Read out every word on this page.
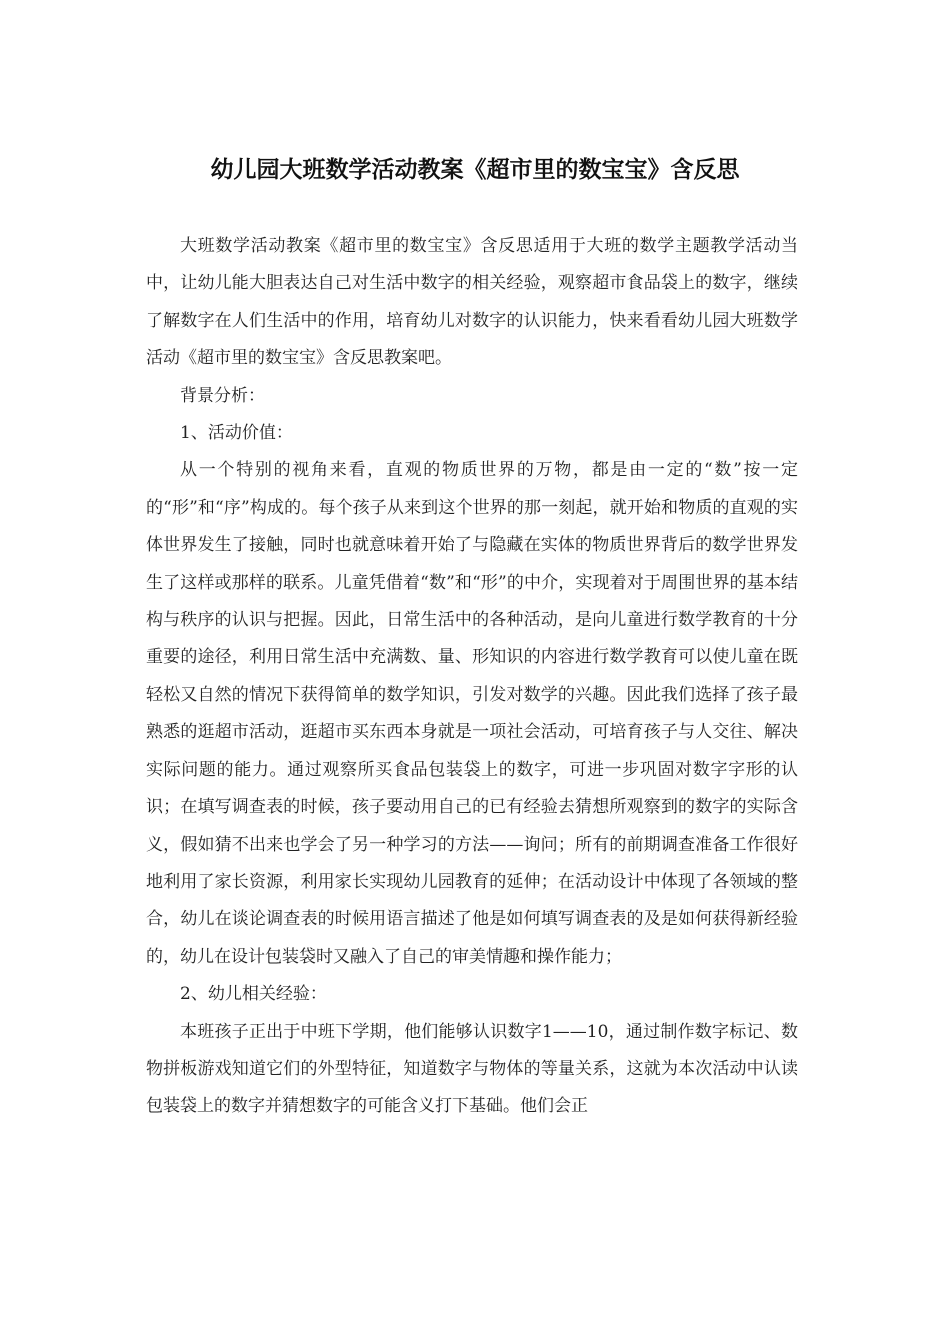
幼儿园大班数学活动教案《超市里的数宝宝》含反思

大班数学活动教案《超市里的数宝宝》含反思适用于大班的数学主题教学活动当中，让幼儿能大胆表达自己对生活中数字的相关经验，观察超市食品袋上的数字，继续了解数字在人们生活中的作用，培育幼儿对数字的认识能力，快来看看幼儿园大班数学活动《超市里的数宝宝》含反思教案吧。

背景分析：

1、活动价值：

从一个特别的视角来看，直观的物质世界的万物，都是由一定的“数”按一定的“形”和“序”构成的。每个孩子从来到这个世界的那一刻起，就开始和物质的直观的实体世界发生了接触，同时也就意味着开始了与隐藏在实体的物质世界背后的数学世界发生了这样或那样的联系。儿童凭借着“数”和“形”的中介，实现着对于周围世界的基本结构与秩序的认识与把握。因此，日常生活中的各种活动，是向儿童进行数学教育的十分重要的途径，利用日常生活中充满数、量、形知识的内容进行数学教育可以使儿童在既轻松又自然的情况下获得简单的数学知识，引发对数学的兴趣。因此我们选择了孩子最熟悉的逛超市活动，逛超市买东西本身就是一项社会活动，可培育孩子与人交往、解决实际问题的能力。通过观察所买食品包装袋上的数字，可进一步巩固对数字字形的认识；在填写调查表的时候，孩子要动用自己的已有经验去猜想所观察到的数字的实际含义，假如猜不出来也学会了另一种学习的方法——询问；所有的前期调查准备工作很好地利用了家长资源，利用家长实现幼儿园教育的延伸；在活动设计中体现了各领域的整合，幼儿在谈论调查表的时候用语言描述了他是如何填写调查表的及是如何获得新经验的，幼儿在设计包装袋时又融入了自己的审美情趣和操作能力；

2、幼儿相关经验：

本班孩子正出于中班下学期，他们能够认识数字1——10，通过制作数字标记、数物拼板游戏知道它们的外型特征，知道数字与物体的等量关系，这就为本次活动中认读包装袋上的数字并猜想数字的可能含义打下基础。他们会正
